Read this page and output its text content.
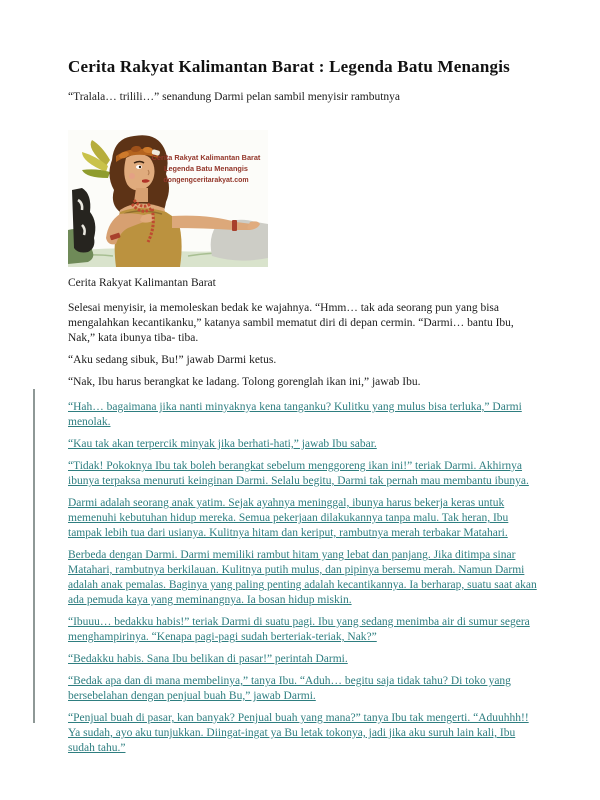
Cerita Rakyat Kalimantan Barat : Legenda Batu Menangis

“Tralala… trilili…” senandung Darmi pelan sambil menyisir rambutnya

Cerita Rakyat Kalimantan Barat
Legenda Batu Menangis
dongengceritarakyat.com

Cerita Rakyat Kalimantan Barat

Selesai menyisir, ia memoleskan bedak ke wajahnya. “Hmm… tak ada seorang pun yang bisa mengalahkan kecantikanku,” katanya sambil mematut diri di depan cermin. “Darmi… bantu Ibu, Nak,” kata ibunya tiba- tiba.

“Aku sedang sibuk, Bu!” jawab Darmi ketus.

“Nak, Ibu harus berangkat ke ladang. Tolong gorenglah ikan ini,” jawab Ibu.

“Hah… bagaimana jika nanti minyaknya kena tanganku? Kulitku yang mulus bisa terluka,” Darmi menolak.

“Kau tak akan terpercik minyak jika berhati-hati,” jawab Ibu sabar.

“Tidak! Pokoknya Ibu tak boleh berangkat sebelum menggoreng ikan ini!” teriak Darmi. Akhirnya ibunya terpaksa menuruti keinginan Darmi. Selalu begitu, Darmi tak pernah mau membantu ibunya.

Darmi adalah seorang anak yatim. Sejak ayahnya meninggal, ibunya harus bekerja keras untuk memenuhi kebutuhan hidup mereka. Semua pekerjaan dilakukannya tanpa malu. Tak heran, Ibu tampak lebih tua dari usianya. Kulitnya hitam dan keriput, rambutnya merah terbakar Matahari.

Berbeda dengan Darmi. Darmi memiliki rambut hitam yang lebat dan panjang. Jika ditimpa sinar Matahari, rambutnya berkilauan. Kulitnya putih mulus, dan pipinya bersemu merah. Namun Darmi adalah anak pemalas. Baginya yang paling penting adalah kecantikannya. Ia berharap, suatu saat akan ada pemuda kaya yang meminangnya. Ia bosan hidup miskin.

“Ibuuu… bedakku habis!” teriak Darmi di suatu pagi. Ibu yang sedang menimba air di sumur segera menghampirinya. “Kenapa pagi-pagi sudah berteriak-teriak, Nak?”

“Bedakku habis. Sana Ibu belikan di pasar!” perintah Darmi.

“Bedak apa dan di mana membelinya,” tanya Ibu. “Aduh… begitu saja tidak tahu? Di toko yang bersebelahan dengan penjual buah Bu,” jawab Darmi.

“Penjual buah di pasar, kan banyak? Penjual buah yang mana?” tanya Ibu tak mengerti. “Aduuhhh!! Ya sudah, ayo aku tunjukkan. Diingat-ingat ya Bu letak tokonya, jadi jika aku suruh lain kali, Ibu sudah tahu.”
